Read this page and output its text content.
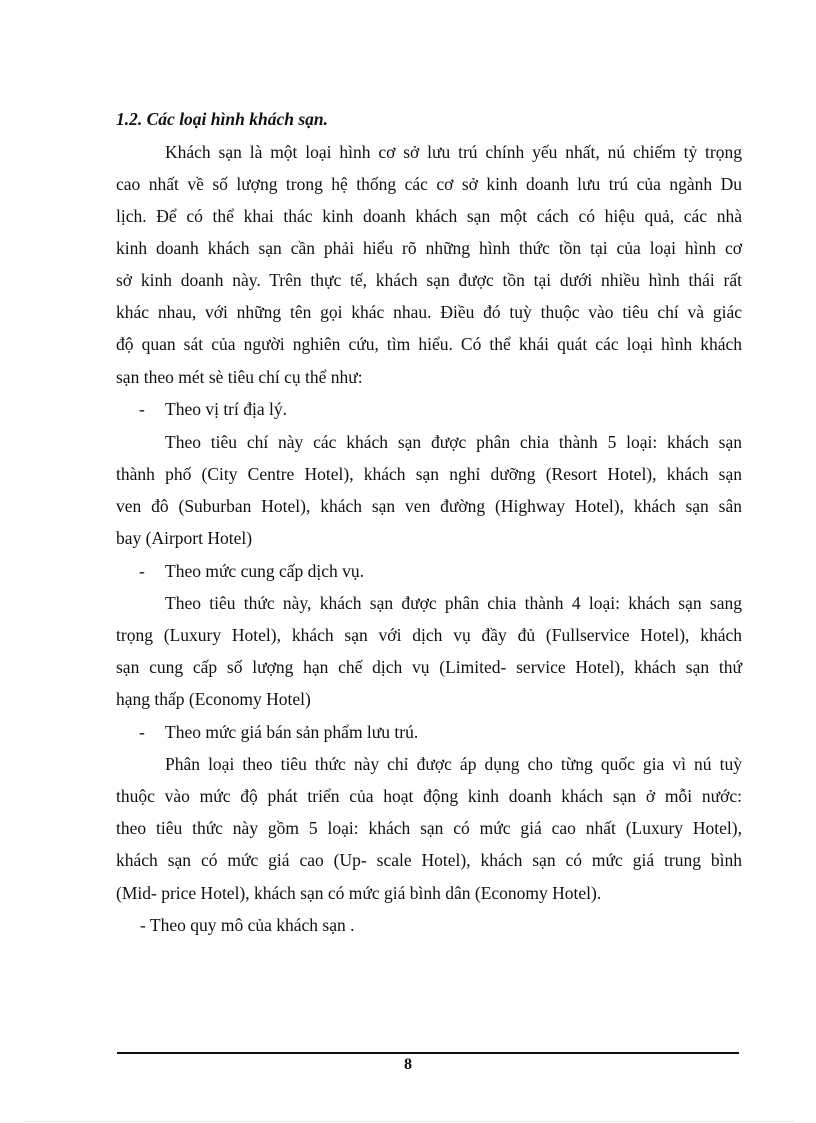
1.2. Các loại hình khách sạn.

Khách sạn là một loại hình cơ sở lưu trú chính yếu nhất, nú chiếm tỷ trọng

cao nhất về số lượng trong hệ thống các cơ sở kinh doanh lưu trú của ngành Du

lịch. Để có thể khai thác kinh doanh khách sạn một cách có hiệu quả, các nhà

kinh doanh khách sạn cần phải hiểu rõ những hình thức tồn tại của loại hình cơ

sở kinh doanh này. Trên thực tế, khách sạn được tồn tại dưới nhiều hình thái rất

khác nhau, với những tên gọi khác nhau. Điều đó tuỳ thuộc vào tiêu chí và giác

độ quan sát của người nghiên cứu, tìm hiểu. Có thể khái quát các loại hình khách

sạn theo mét sè tiêu chí cụ thể như:

- Theo vị trí địa lý.

Theo tiêu chí này các khách sạn được phân chia thành 5 loại: khách sạn

thành phố (City Centre Hotel), khách sạn nghỉ dưỡng (Resort Hotel), khách sạn

ven đô (Suburban Hotel), khách sạn ven đường (Highway Hotel), khách sạn sân

bay (Airport Hotel)

- Theo mức cung cấp dịch vụ.

Theo tiêu thức này, khách sạn được phân chia thành 4 loại: khách sạn sang

trọng (Luxury Hotel), khách sạn với dịch vụ đầy đủ (Fullservice Hotel), khách

sạn cung cấp số lượng hạn chế dịch vụ (Limited- service Hotel), khách sạn thứ

hạng thấp (Economy Hotel)

- Theo mức giá bán sản phẩm lưu trú.

Phân loại theo tiêu thức này chỉ được áp dụng cho từng quốc gia vì nú tuỳ

thuộc vào mức độ phát triển của hoạt động kinh doanh khách sạn ở mỗi nước:

theo tiêu thức này gồm 5 loại: khách sạn có mức giá cao nhất (Luxury Hotel),

khách sạn có mức giá cao (Up- scale Hotel), khách sạn có mức giá trung bình

(Mid- price Hotel), khách sạn có mức giá bình dân (Economy Hotel).

- Theo quy mô của khách sạn .

8
